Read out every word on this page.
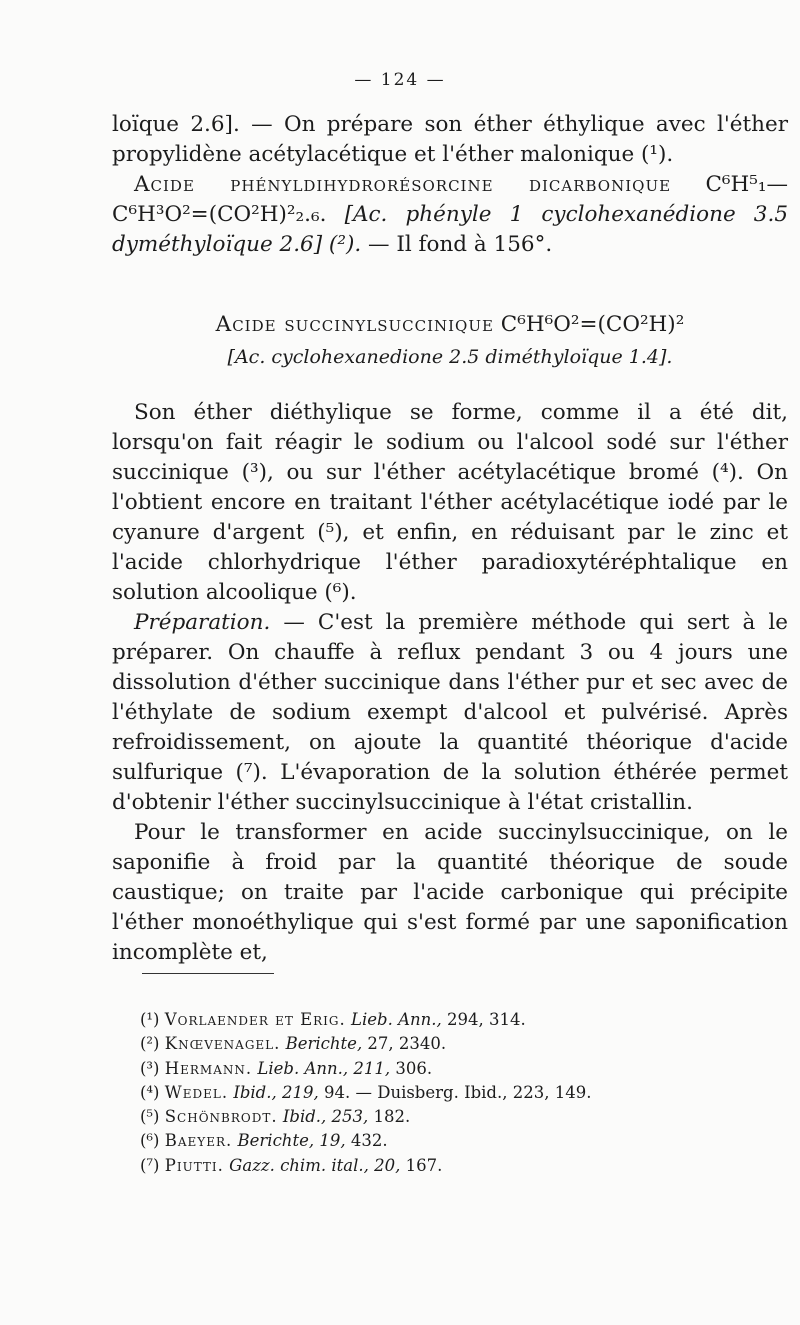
— 124 —

loïque 2.6]. — On prépare son éther éthylique avec l'éther propylidène acétylacétique et l'éther malonique (¹).

Acide phényldihydrorésorcine dicarbonique C⁶H⁵₁—C⁶H³O²=(CO²H)²₂.₆. [Ac. phényle 1 cyclohexanédione 3.5 dyméthyloïque 2.6] (²). — Il fond à 156°.

Acide succinylsuccinique C⁶H⁶O²=(CO²H)²
[Ac. cyclohexanedione 2.5 diméthyloïque 1.4].

Son éther diéthylique se forme, comme il a été dit, lorsqu'on fait réagir le sodium ou l'alcool sodé sur l'éther succinique (³), ou sur l'éther acétylacétique bromé (⁴). On l'obtient encore en traitant l'éther acétylacétique iodé par le cyanure d'argent (⁵), et enfin, en réduisant par le zinc et l'acide chlorhydrique l'éther paradioxytéréphtalique en solution alcoolique (⁶).

Préparation. — C'est la première méthode qui sert à le préparer. On chauffe à reflux pendant 3 ou 4 jours une dissolution d'éther succinique dans l'éther pur et sec avec de l'éthylate de sodium exempt d'alcool et pulvérisé. Après refroidissement, on ajoute la quantité théorique d'acide sulfurique (⁷). L'évaporation de la solution éthérée permet d'obtenir l'éther succinylsuccinique à l'état cristallin.

Pour le transformer en acide succinylsuccinique, on le saponifie à froid par la quantité théorique de soude caustique; on traite par l'acide carbonique qui précipite l'éther monoéthylique qui s'est formé par une saponification incomplète et,

(¹) Vorlaender et Erig. Lieb. Ann., 294, 314.
(²) Knœvenagel. Berichte, 27, 2340.
(³) Hermann. Lieb. Ann., 211, 306.
(⁴) Wedel. Ibid., 219, 94. — Duisberg. Ibid., 223, 149.
(⁵) Schönbrodt. Ibid., 253, 182.
(⁶) Baeyer. Berichte, 19, 432.
(⁷) Piutti. Gazz. chim. ital., 20, 167.
